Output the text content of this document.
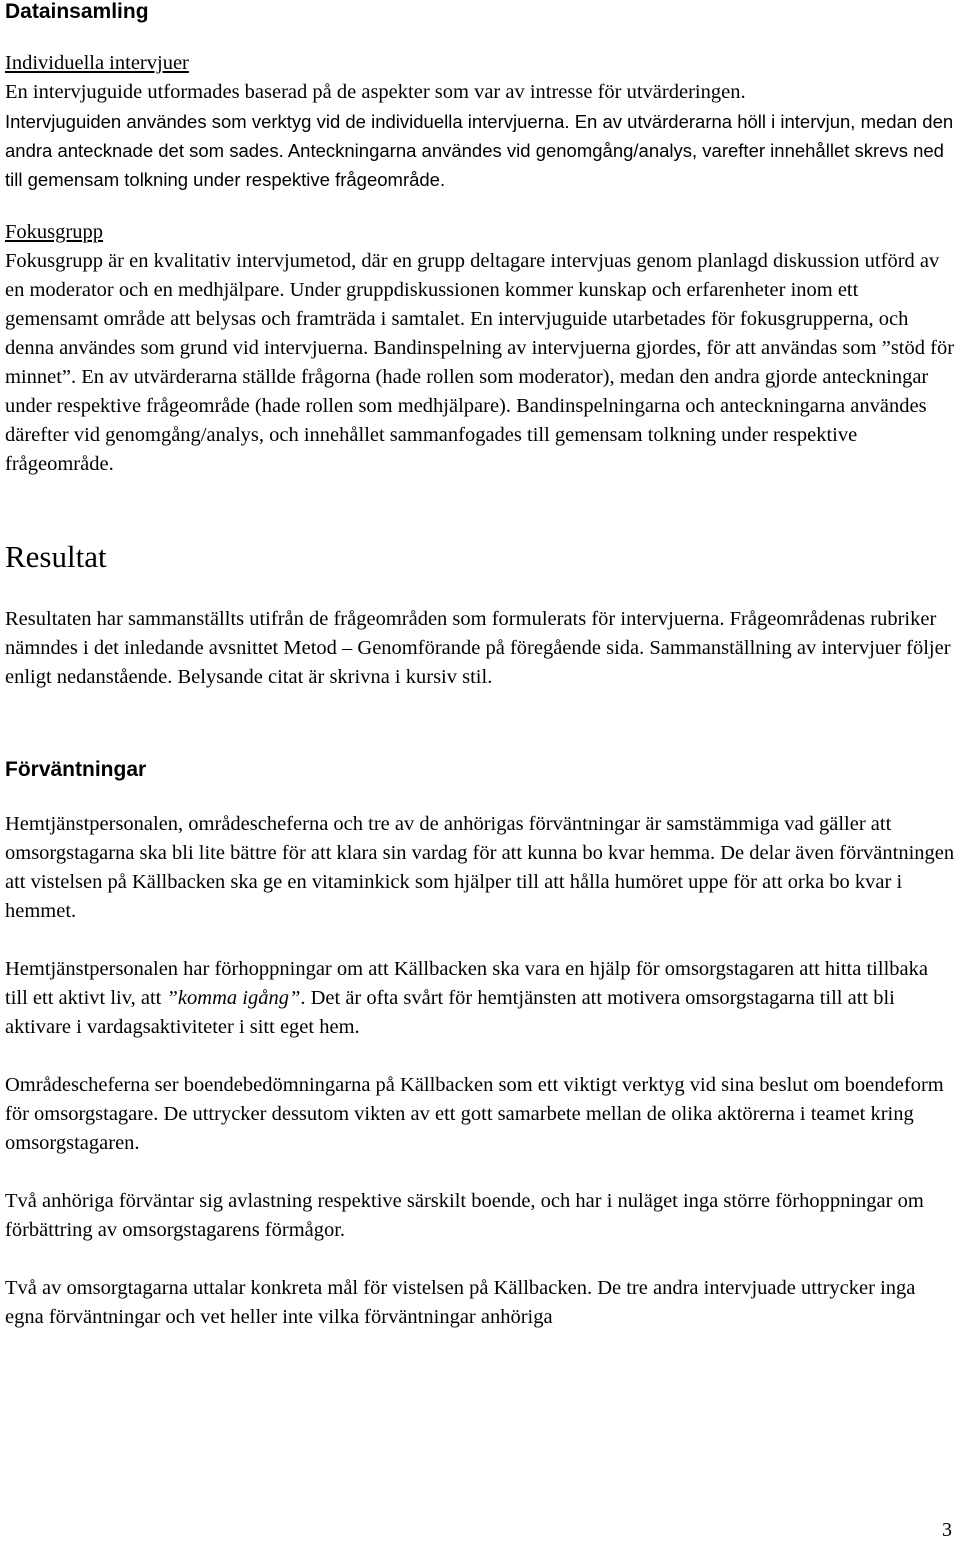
Datainsamling

Individuella intervjuer

En intervjuguide utformades baserad på de aspekter som var av intresse för utvärderingen.

Intervjuguiden användes som verktyg vid de individuella intervjuerna. En av utvärderarna höll i intervjun, medan den andra antecknade det som sades. Anteckningarna användes vid genomgång/analys, varefter innehållet skrevs ned till gemensam tolkning under respektive frågeområde.

Fokusgrupp

Fokusgrupp är en kvalitativ intervjumetod, där en grupp deltagare intervjuas genom planlagd diskussion utförd av en moderator och en medhjälpare. Under gruppdiskussionen kommer kunskap och erfarenheter inom ett gemensamt område att belysas och framträda i samtalet. En intervjuguide utarbetades för fokusgrupperna, och denna användes som grund vid intervjuerna. Bandinspelning av intervjuerna gjordes, för att användas som ”stöd för minnet”. En av utvärderarna ställde frågorna (hade rollen som moderator), medan den andra gjorde anteckningar under respektive frågeområde (hade rollen som medhjälpare). Bandinspelningarna och anteckningarna användes därefter vid genomgång/analys, och innehållet sammanfogades till gemensam tolkning under respektive frågeområde.

Resultat

Resultaten har sammanställts utifrån de frågeområden som formulerats för intervjuerna. Frågeområdenas rubriker nämndes i det inledande avsnittet Metod – Genomförande på föregående sida. Sammanställning av intervjuer följer enligt nedanstående. Belysande citat är skrivna i kursiv stil.

Förväntningar

Hemtjänstpersonalen, områdescheferna och tre av de anhörigas förväntningar är samstämmiga vad gäller att omsorgstagarna ska bli lite bättre för att klara sin vardag för att kunna bo kvar hemma. De delar även förväntningen att vistelsen på Källbacken ska ge en vitaminkick som hjälper till att hålla humöret uppe för att orka bo kvar i hemmet.

Hemtjänstpersonalen har förhoppningar om att Källbacken ska vara en hjälp för omsorgstagaren att hitta tillbaka till ett aktivt liv, att ”komma igång”. Det är ofta svårt för hemtjänsten att motivera omsorgstagarna till att bli aktivare i vardagsaktiviteter i sitt eget hem.

Områdescheferna ser boendebedömningarna på Källbacken som ett viktigt verktyg vid sina beslut om boendeform för omsorgstagare. De uttrycker dessutom vikten av ett gott samarbete mellan de olika aktörerna i teamet kring omsorgstagaren.

Två anhöriga förväntar sig avlastning respektive särskilt boende, och har i nuläget inga större förhoppningar om förbättring av omsorgstagarens förmågor.

Två av omsorgtagarna uttalar konkreta mål för vistelsen på Källbacken. De tre andra intervjuade uttrycker inga egna förväntningar och vet heller inte vilka förväntningar anhöriga

3
